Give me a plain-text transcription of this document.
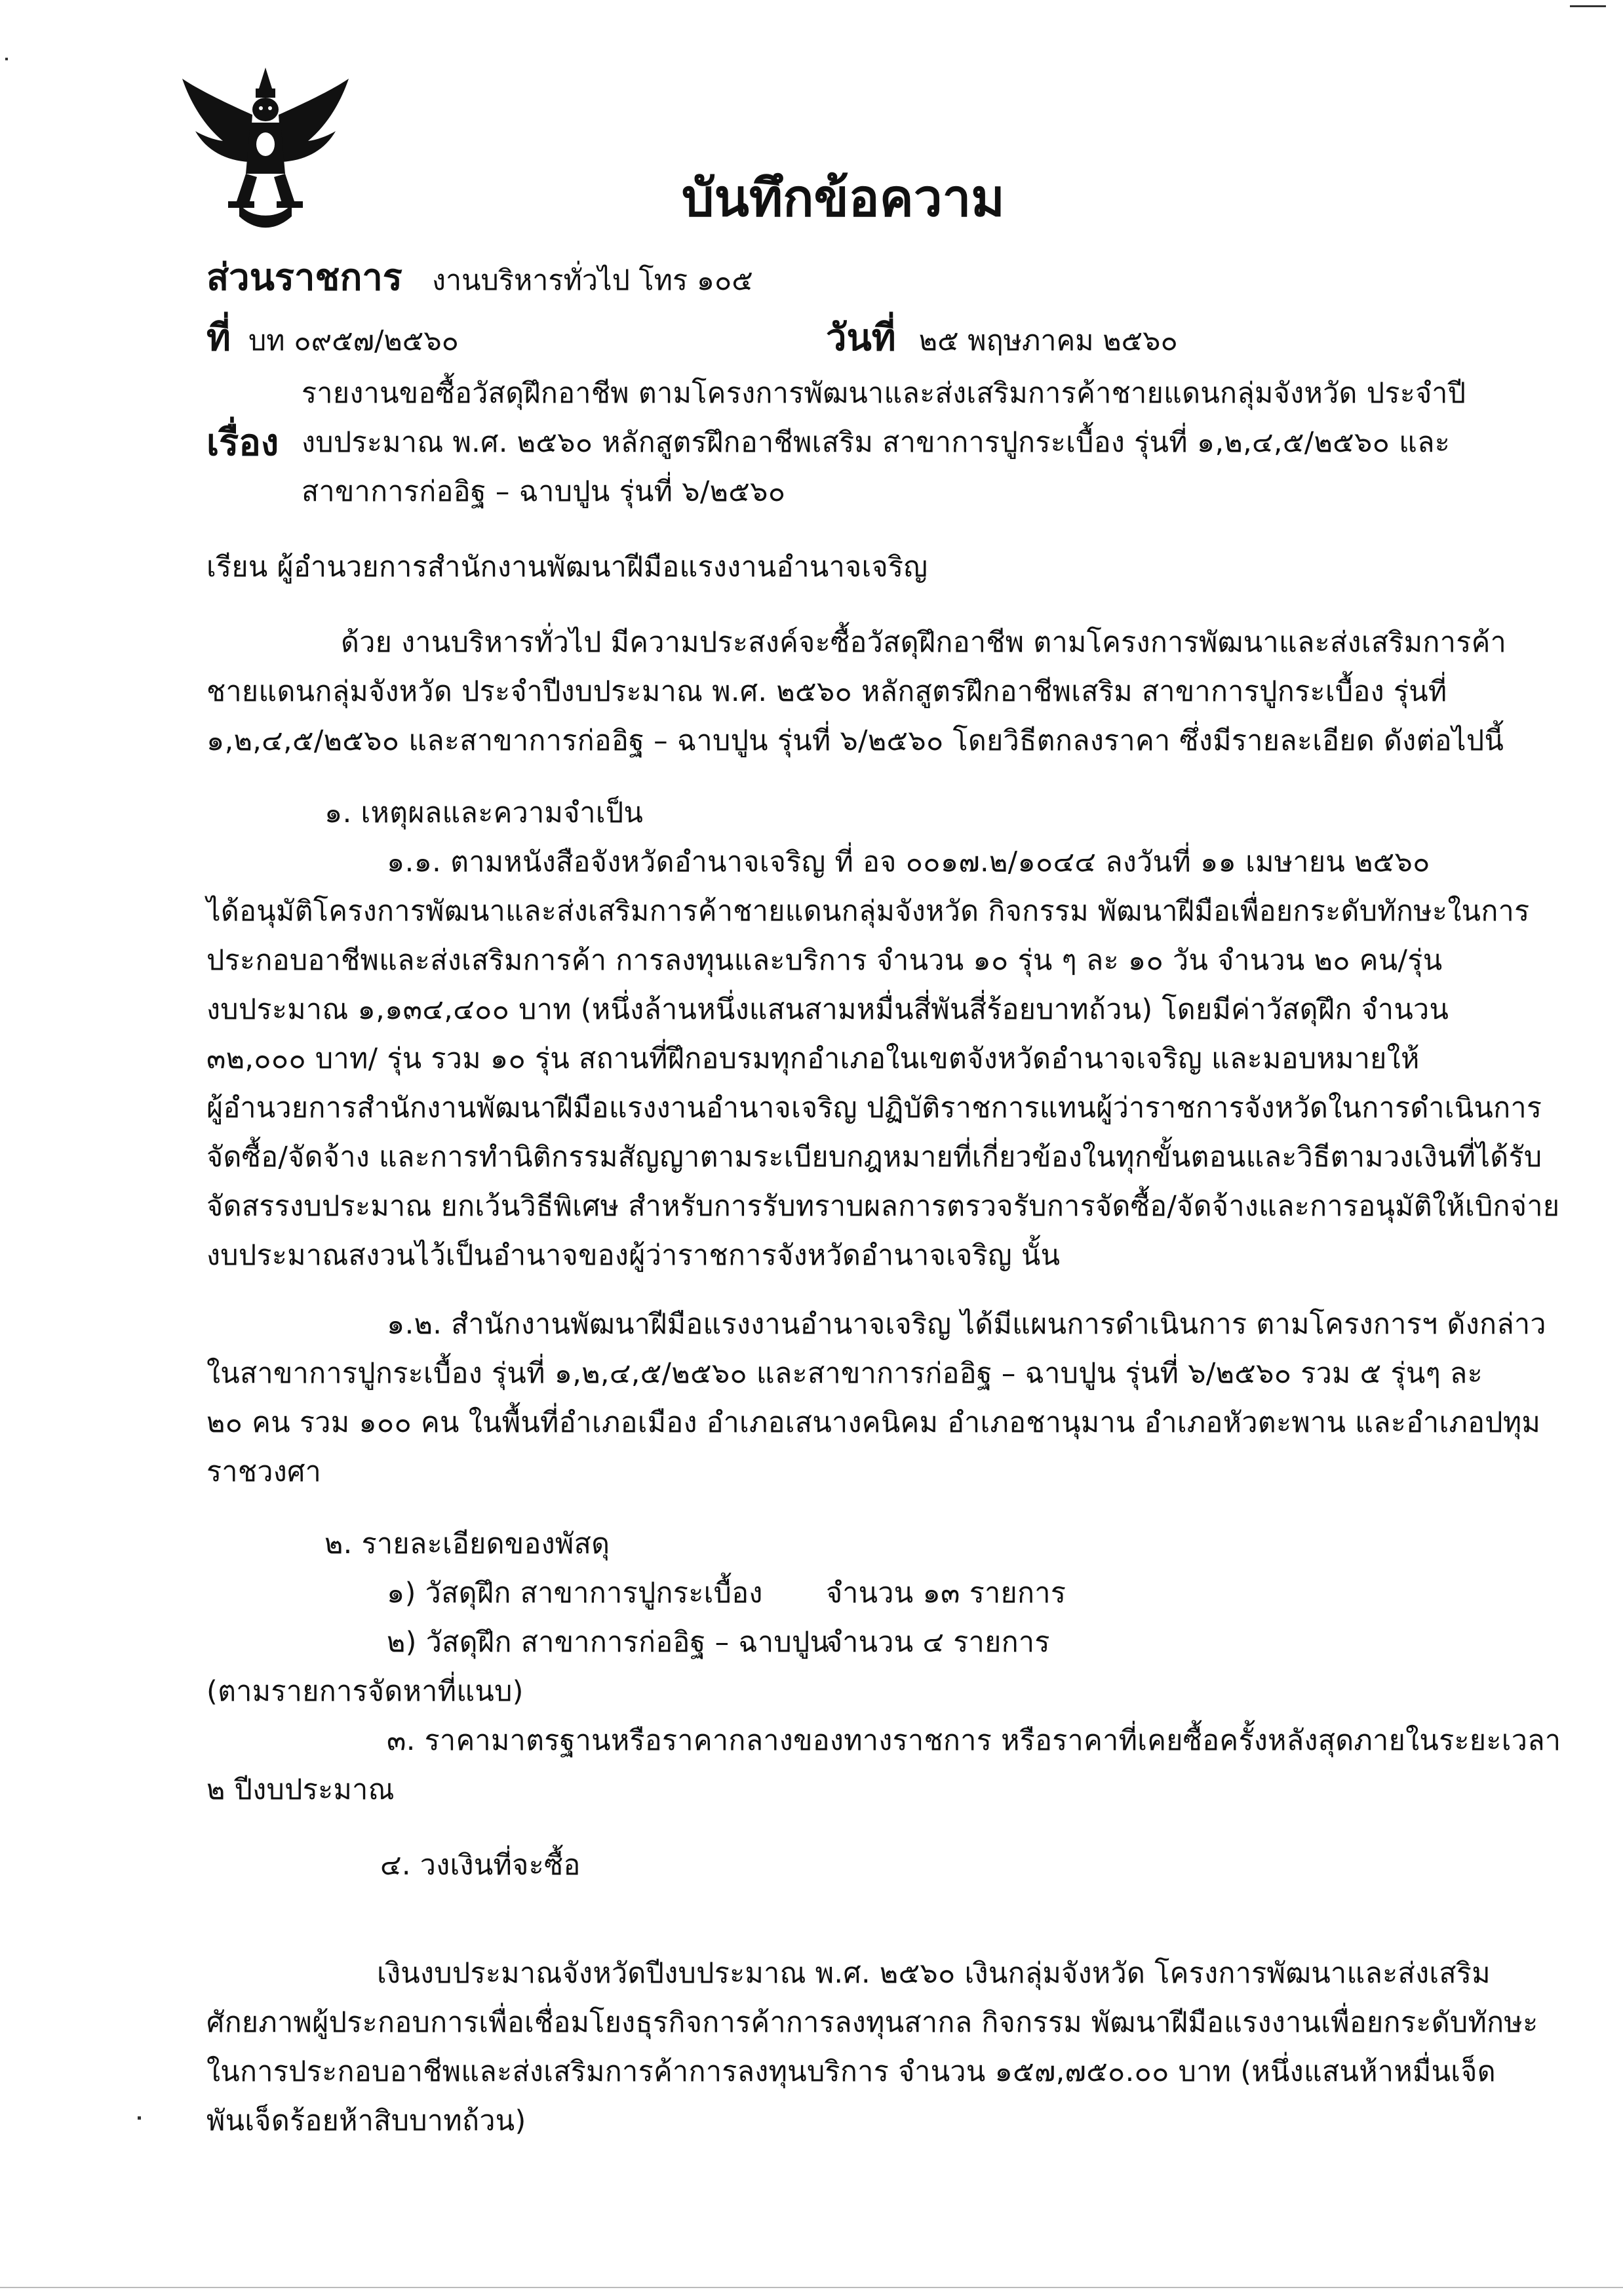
บันทึกข้อความ
ส่วนราชการ งานบริหารทั่วไป โทร ๑๐๕
ที่ บท ๐๙๕๗/๒๕๖๐	วันที่ ๒๕ พฤษภาคม ๒๕๖๐
เรื่อง
รายงานขอซื้อวัสดุฝึกอาชีพ ตามโครงการพัฒนาและส่งเสริมการค้าชายแดนกลุ่มจังหวัด ประจำปี
งบประมาณ พ.ศ. ๒๕๖๐ หลักสูตรฝึกอาชีพเสริม สาขาการปูกระเบื้อง รุ่นที่ ๑,๒,๔,๕/๒๕๖๐ และ
สาขาการก่ออิฐ – ฉาบปูน รุ่นที่ ๖/๒๕๖๐
เรียน ผู้อำนวยการสำนักงานพัฒนาฝีมือแรงงานอำนาจเจริญ
ด้วย งานบริหารทั่วไป มีความประสงค์จะซื้อวัสดุฝึกอาชีพ ตามโครงการพัฒนาและส่งเสริมการค้า
ชายแดนกลุ่มจังหวัด ประจำปีงบประมาณ พ.ศ. ๒๕๖๐ หลักสูตรฝึกอาชีพเสริม สาขาการปูกระเบื้อง รุ่นที่
๑,๒,๔,๕/๒๕๖๐ และสาขาการก่ออิฐ – ฉาบปูน รุ่นที่ ๖/๒๕๖๐ โดยวิธีตกลงราคา ซึ่งมีรายละเอียด ดังต่อไปนี้
๑. เหตุผลและความจำเป็น
๑.๑. ตามหนังสือจังหวัดอำนาจเจริญ ที่ อจ ๐๐๑๗.๒/๑๐๔๔ ลงวันที่ ๑๑ เมษายน ๒๕๖๐
ได้อนุมัติโครงการพัฒนาและส่งเสริมการค้าชายแดนกลุ่มจังหวัด กิจกรรม พัฒนาฝีมือเพื่อยกระดับทักษะในการ
ประกอบอาชีพและส่งเสริมการค้า การลงทุนและบริการ จำนวน ๑๐ รุ่น ๆ ละ ๑๐ วัน จำนวน ๒๐ คน/รุ่น
งบประมาณ ๑,๑๓๔,๔๐๐ บาท (หนึ่งล้านหนึ่งแสนสามหมื่นสี่พันสี่ร้อยบาทถ้วน) โดยมีค่าวัสดุฝึก จำนวน
๓๒,๐๐๐ บาท/ รุ่น รวม ๑๐ รุ่น สถานที่ฝึกอบรมทุกอำเภอในเขตจังหวัดอำนาจเจริญ และมอบหมายให้
ผู้อำนวยการสำนักงานพัฒนาฝีมือแรงงานอำนาจเจริญ ปฏิบัติราชการแทนผู้ว่าราชการจังหวัดในการดำเนินการ
จัดซื้อ/จัดจ้าง และการทำนิติกรรมสัญญาตามระเบียบกฎหมายที่เกี่ยวข้องในทุกขั้นตอนและวิธีตามวงเงินที่ได้รับ
จัดสรรงบประมาณ ยกเว้นวิธีพิเศษ สำหรับการรับทราบผลการตรวจรับการจัดซื้อ/จัดจ้างและการอนุมัติให้เบิกจ่าย
งบประมาณสงวนไว้เป็นอำนาจของผู้ว่าราชการจังหวัดอำนาจเจริญ นั้น
๑.๒. สำนักงานพัฒนาฝีมือแรงงานอำนาจเจริญ ได้มีแผนการดำเนินการ ตามโครงการฯ ดังกล่าว
ในสาขาการปูกระเบื้อง รุ่นที่ ๑,๒,๔,๕/๒๕๖๐ และสาขาการก่ออิฐ – ฉาบปูน รุ่นที่ ๖/๒๕๖๐ รวม ๕ รุ่นๆ ละ
๒๐ คน รวม ๑๐๐ คน ในพื้นที่อำเภอเมือง อำเภอเสนางคนิคม อำเภอชานุมาน อำเภอหัวตะพาน และอำเภอปทุม
ราชวงศา
๒. รายละเอียดของพัสดุ
๑) วัสดุฝึก สาขาการปูกระเบื้อง จำนวน ๑๓ รายการ
๒) วัสดุฝึก สาขาการก่ออิฐ – ฉาบปูน
จำนวน ๔ รายการ
(ตามรายการจัดหาที่แนบ)
๓. ราคามาตรฐานหรือราคากลางของทางราชการ หรือราคาที่เคยซื้อครั้งหลังสุดภายในระยะเวลา
๒ ปีงบประมาณ
๔. วงเงินที่จะซื้อ
เงินงบประมาณจังหวัดปีงบประมาณ พ.ศ. ๒๕๖๐ เงินกลุ่มจังหวัด โครงการพัฒนาและส่งเสริม
ศักยภาพผู้ประกอบการเพื่อเชื่อมโยงธุรกิจการค้าการลงทุนสากล กิจกรรม พัฒนาฝีมือแรงงานเพื่อยกระดับทักษะ
ในการประกอบอาชีพและส่งเสริมการค้าการลงทุนบริการ จำนวน ๑๕๗,๗๕๐.๐๐ บาท (หนึ่งแสนห้าหมื่นเจ็ด
พันเจ็ดร้อยห้าสิบบาทถ้วน)
